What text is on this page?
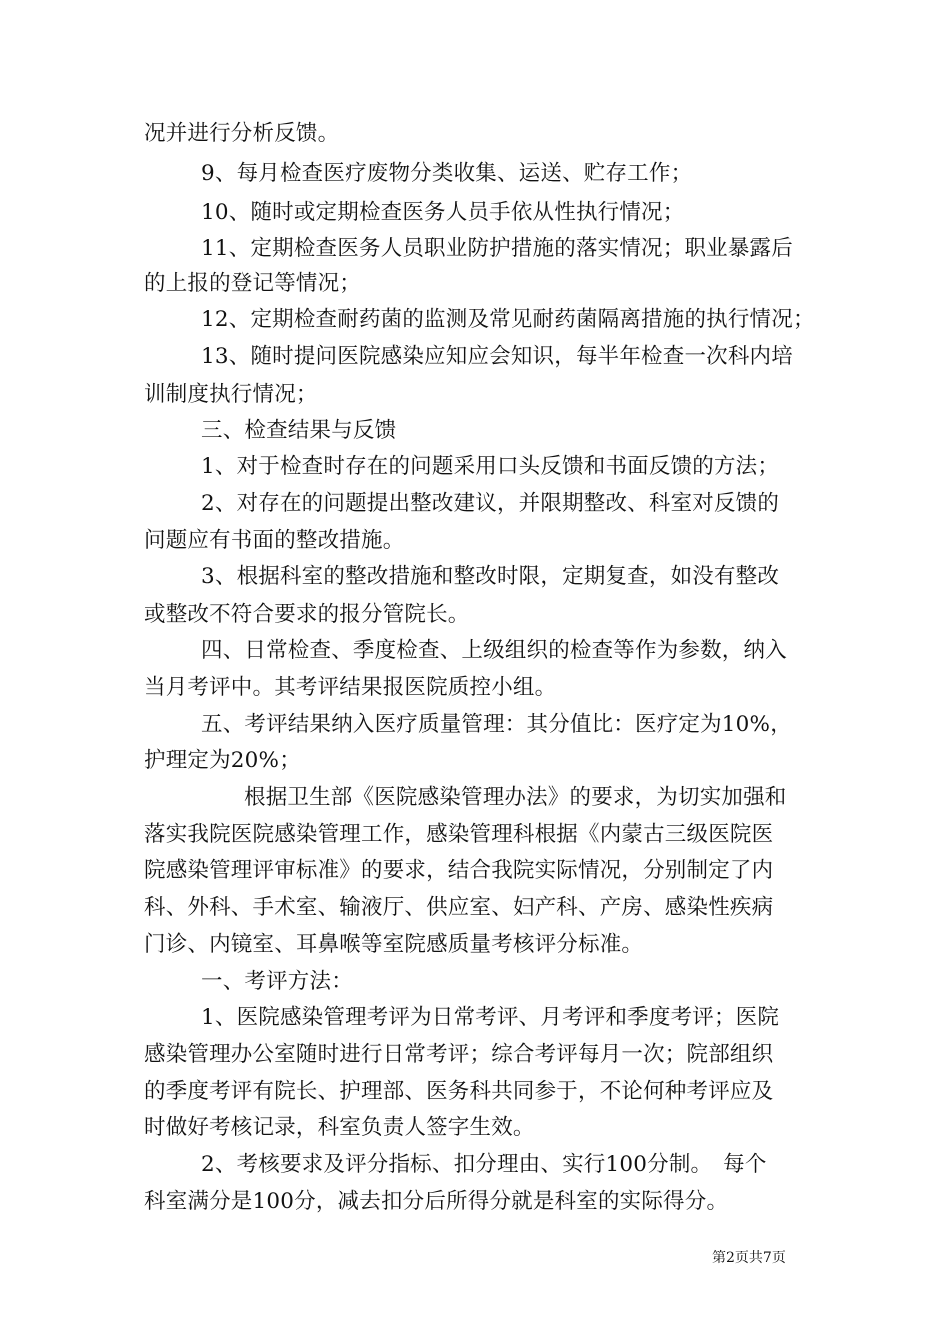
况并进行分析反馈。
9、每月检查医疗废物分类收集、运送、贮存工作；
10、随时或定期检查医务人员手依从性执行情况；
11、定期检查医务人员职业防护措施的落实情况；职业暴露后
的上报的登记等情况；
12、定期检查耐药菌的监测及常见耐药菌隔离措施的执行情况；
13、随时提问医院感染应知应会知识，每半年检查一次科内培
训制度执行情况；
三、检查结果与反馈
1、对于检查时存在的问题采用口头反馈和书面反馈的方法；
2、对存在的问题提出整改建议，并限期整改、科室对反馈的
问题应有书面的整改措施。
3、根据科室的整改措施和整改时限，定期复查，如没有整改
或整改不符合要求的报分管院长。
四、日常检查、季度检查、上级组织的检查等作为参数，纳入
当月考评中。其考评结果报医院质控小组。
五、考评结果纳入医疗质量管理：其分值比：医疗定为10%，
护理定为20%；
根据卫生部《医院感染管理办法》的要求，为切实加强和
落实我院医院感染管理工作，感染管理科根据《内蒙古三级医院医
院感染管理评审标准》的要求，结合我院实际情况，分别制定了内
科、外科、手术室、输液厅、供应室、妇产科、产房、感染性疾病
门诊、内镜室、耳鼻喉等室院感质量考核评分标准。
一、考评方法：
1、医院感染管理考评为日常考评、月考评和季度考评；医院
感染管理办公室随时进行日常考评；综合考评每月一次；院部组织
的季度考评有院长、护理部、医务科共同参于，不论何种考评应及
时做好考核记录，科室负责人签字生效。
2、考核要求及评分指标、扣分理由、实行100分制。　每个
科室满分是100分，减去扣分后所得分就是科室的实际得分。
第2页共7页
